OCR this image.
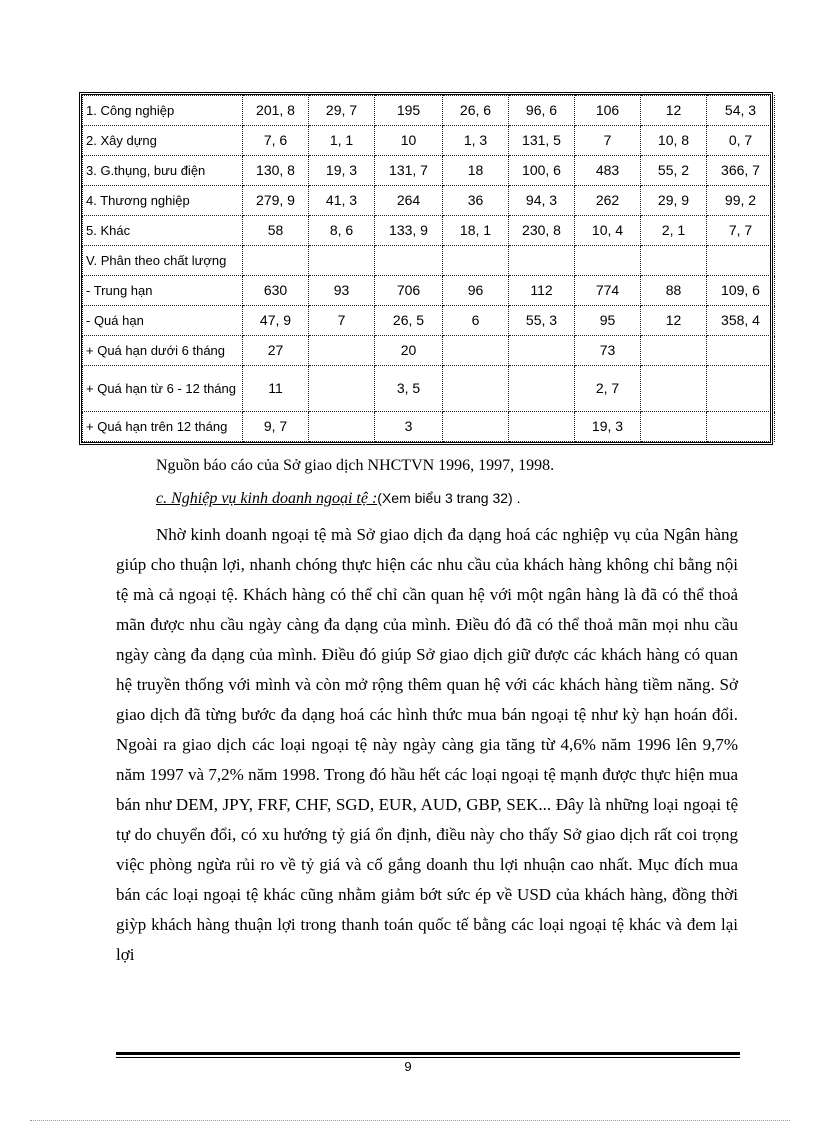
1. Công nghiệp	201, 8	29, 7	195	26, 6	96, 6	106	12	54, 3
2. Xây dựng	7, 6	1, 1	10	1, 3	131, 5	7	10, 8	0, 7
3. G.thụng, bưu điện	130, 8	19, 3	131, 7	18	100, 6	483	55, 2	366, 7
4. Thương nghiệp	279, 9	41, 3	264	36	94, 3	262	29, 9	99, 2
5. Khác	58	8, 6	133, 9	18, 1	230, 8	10, 4	2, 1	7, 7
V. Phân theo chất lượng								
- Trung hạn	630	93	706	96	112	774	88	109, 6
- Quá hạn	47, 9	7	26, 5	6	55, 3	95	12	358, 4
+ Quá hạn dưới 6 tháng	27		20			73		
+ Quá hạn từ 6 - 12 tháng	11		3, 5			2, 7		
+ Quá hạn trên 12 tháng	9, 7		3			19, 3		
Nguồn báo cáo của Sở giao dịch NHCTVN 1996, 1997, 1998.
c. Nghiệp vụ kinh doanh ngoại tệ :(Xem biểu 3 trang 32) .

Nhờ kinh doanh ngoại tệ mà Sở giao dịch đa dạng hoá các nghiệp vụ của Ngân hàng giúp cho thuận lợi, nhanh chóng thực hiện các nhu cầu của khách hàng không chỉ bằng nội tệ mà cả ngoại tệ. Khách hàng có thể chỉ cần quan hệ với một ngân hàng là đã có thể thoả mãn được nhu cầu ngày càng đa dạng của mình. Điều đó đã có thể thoả mãn mọi nhu cầu ngày càng đa dạng của mình. Điều đó giúp Sở giao dịch giữ được các khách hàng có quan hệ truyền thống với mình và còn mở rộng thêm quan hệ với các khách hàng tiềm năng. Sở giao dịch đã từng bước đa dạng hoá các hình thức mua bán ngoại tệ như kỳ hạn hoán đổi. Ngoài ra giao dịch các loại ngoại tệ này ngày càng gia tăng từ 4,6% năm 1996 lên 9,7% năm 1997 và 7,2% năm 1998. Trong đó hầu hết các loại ngoại tệ mạnh được thực hiện mua bán như DEM, JPY, FRF, CHF, SGD, EUR, AUD, GBP, SEK... Đây là những loại ngoại tệ tự do chuyển đổi, có xu hướng tỷ giá ổn định, điều này cho thấy Sở giao dịch rất coi trọng việc phòng ngừa rủi ro về tỷ giá và cố gắng doanh thu lợi nhuận cao nhất. Mục đích mua bán các loại ngoại tệ khác cũng nhằm giảm bớt sức ép về USD của khách hàng, đồng thời giỳp khách hàng thuận lợi trong thanh toán quốc tế bằng các loại ngoại tệ khác và đem lại lợi

9
